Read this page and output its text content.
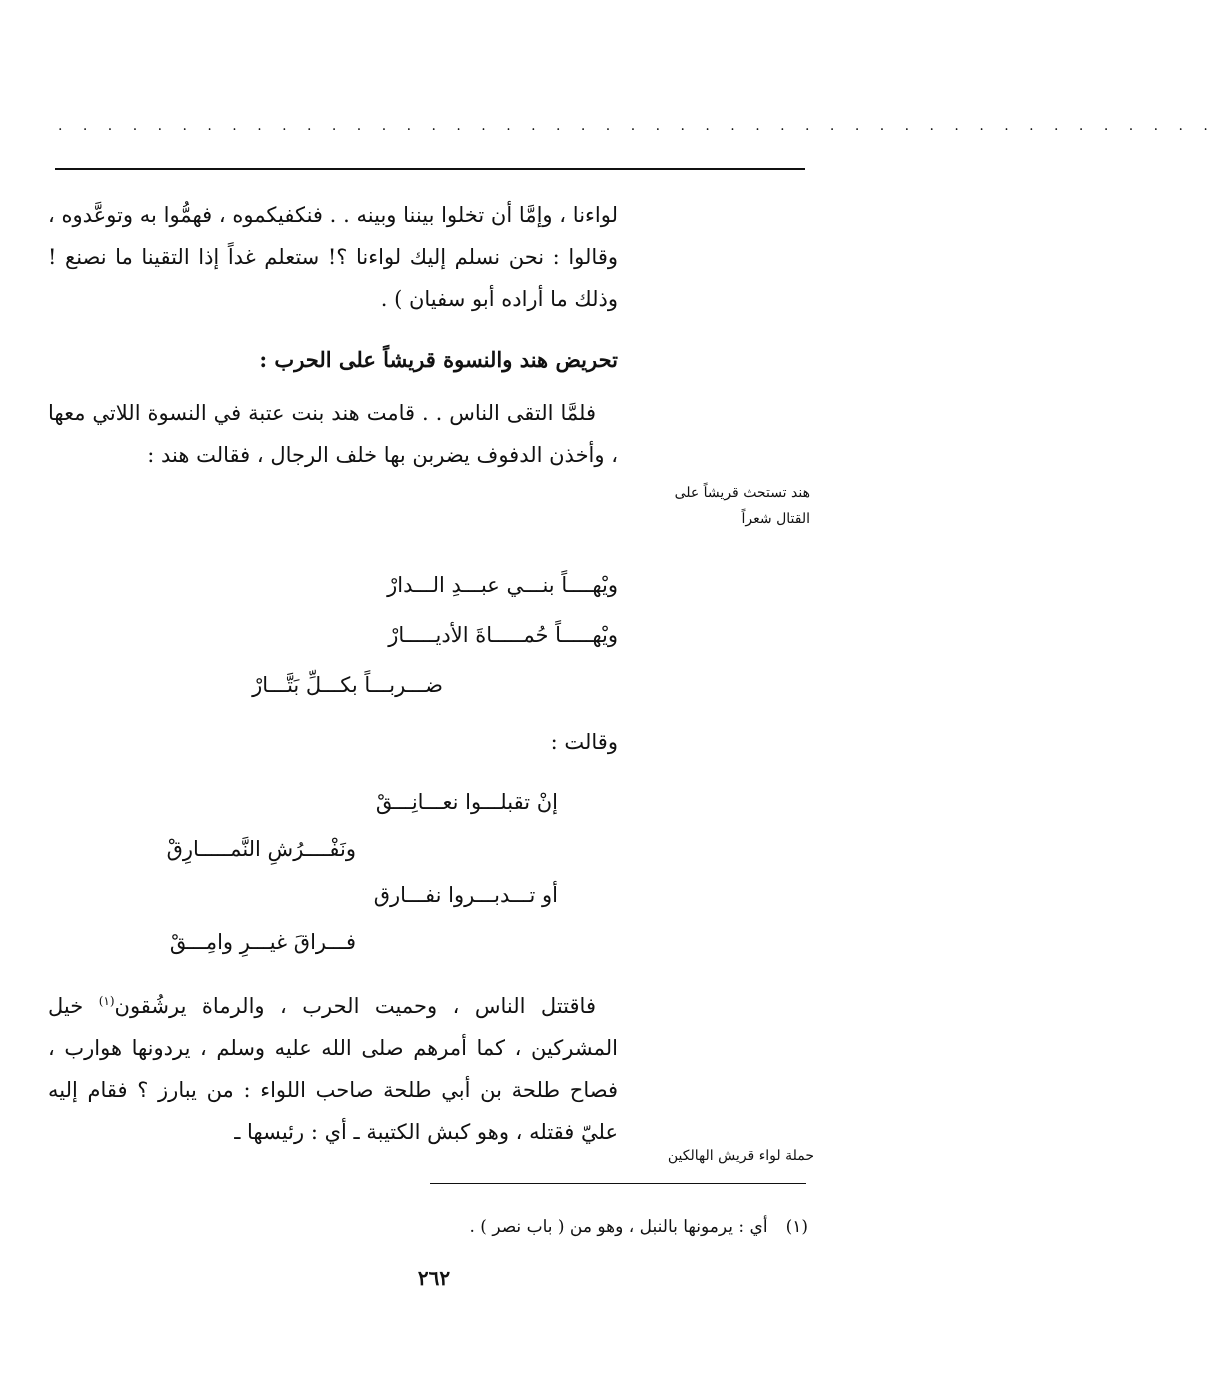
. . . . . . . . . . . . . . . . . . . . . . . . . . . . . . . . . . . . . . . . . . . . . . .

لواءنا ، وإمَّا أن تخلوا بيننا وبينه . . فنكفيكموه ، فهمُّوا به وتوعَّدوه ، وقالوا : نحن نسلم إليك لواءنا ؟! ستعلم غداً إذا التقينا ما نصنع ! وذلك ما أراده أبو سفيان ) .

تحريض هند والنسوة قريشاً على الحرب :

فلمَّا التقى الناس . . قامت هند بنت عتبة في النسوة اللاتي معها ، وأخذن الدفوف يضربن بها خلف الرجال ، فقالت هند :

ويْهــــاً بنـــي عبـــدِ الـــدارْ
ويْهـــــاً حُمـــــاةَ الأديـــــارْ
ضـــربـــاً بكـــلِّ بَتَّـــارْ
وقالت :
إنْ تقبلـــوا نعـــانِـــقْ
ونَفْــــرُشِ النَّمـــــارِقْ
أو تـــدبـــروا نفـــارق
فـــراقَ غيـــرِ وامِـــقْ

فاقتتل الناس ، وحميت الحرب ، والرماة يرشُقون$^{(١)}$ خيل المشركين ، كما أمرهم صلى الله عليه وسلم ، يردونها هوارب ، فصاح طلحة بن أبي طلحة صاحب اللواء : من يبارز ؟ فقام إليه عليّ فقتله ، وهو كبش الكتيبة ـ أي : رئيسها ـ

هند تستحث قريشاً على القتال شعراً
حملة لواء قريش الهالكين
(١)أي : يرمونها بالنبل ، وهو من ( باب نصر ) .
٢٦٢
